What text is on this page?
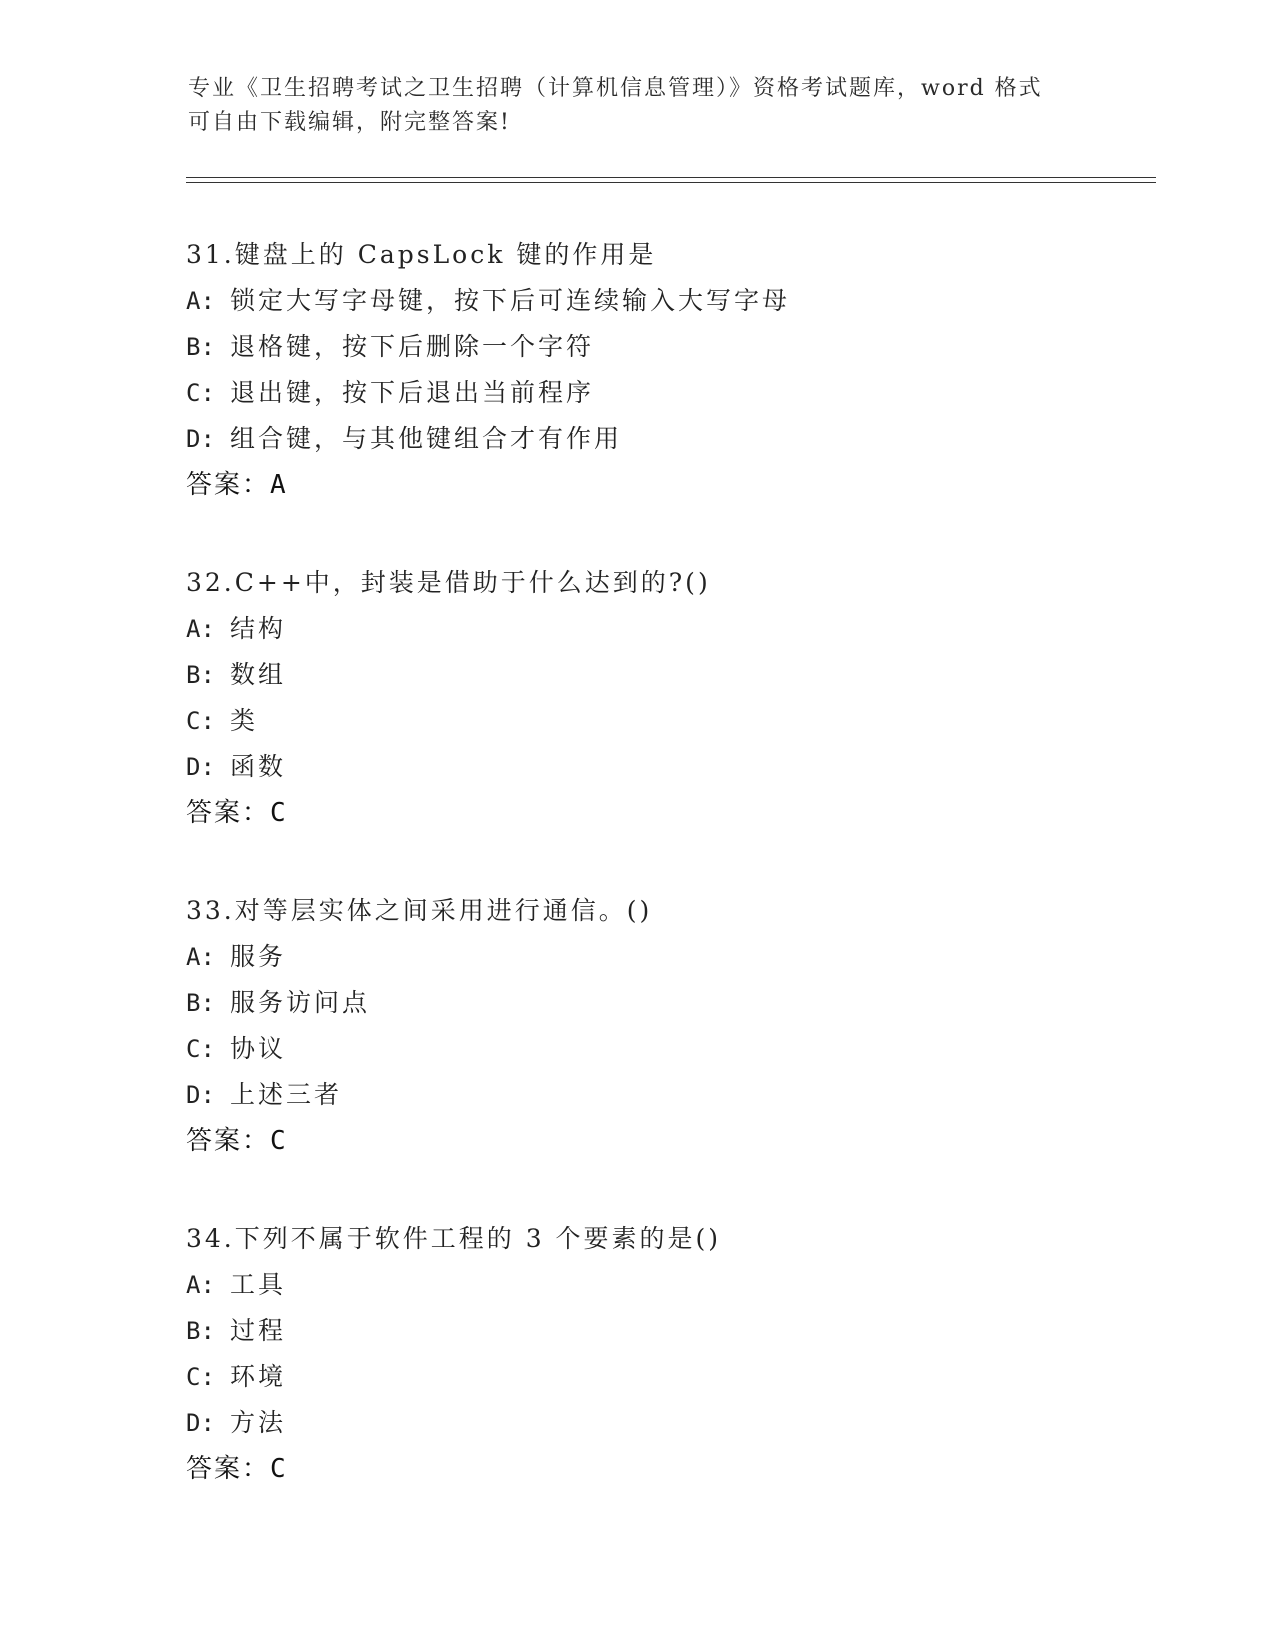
专业《卫生招聘考试之卫生招聘（计算机信息管理）》资格考试题库，word 格式
可自由下载编辑，附完整答案!
31.键盘上的 CapsLock 键的作用是
A: 锁定大写字母键，按下后可连续输入大写字母
B: 退格键，按下后删除一个字符
C: 退出键，按下后退出当前程序
D: 组合键，与其他键组合才有作用
答案：A
32.C++中，封装是借助于什么达到的?()
A: 结构
B: 数组
C: 类
D: 函数
答案：C
33.对等层实体之间采用进行通信。()
A: 服务
B: 服务访问点
C: 协议
D: 上述三者
答案：C
34.下列不属于软件工程的 3 个要素的是()
A: 工具
B: 过程
C: 环境
D: 方法
答案：C
